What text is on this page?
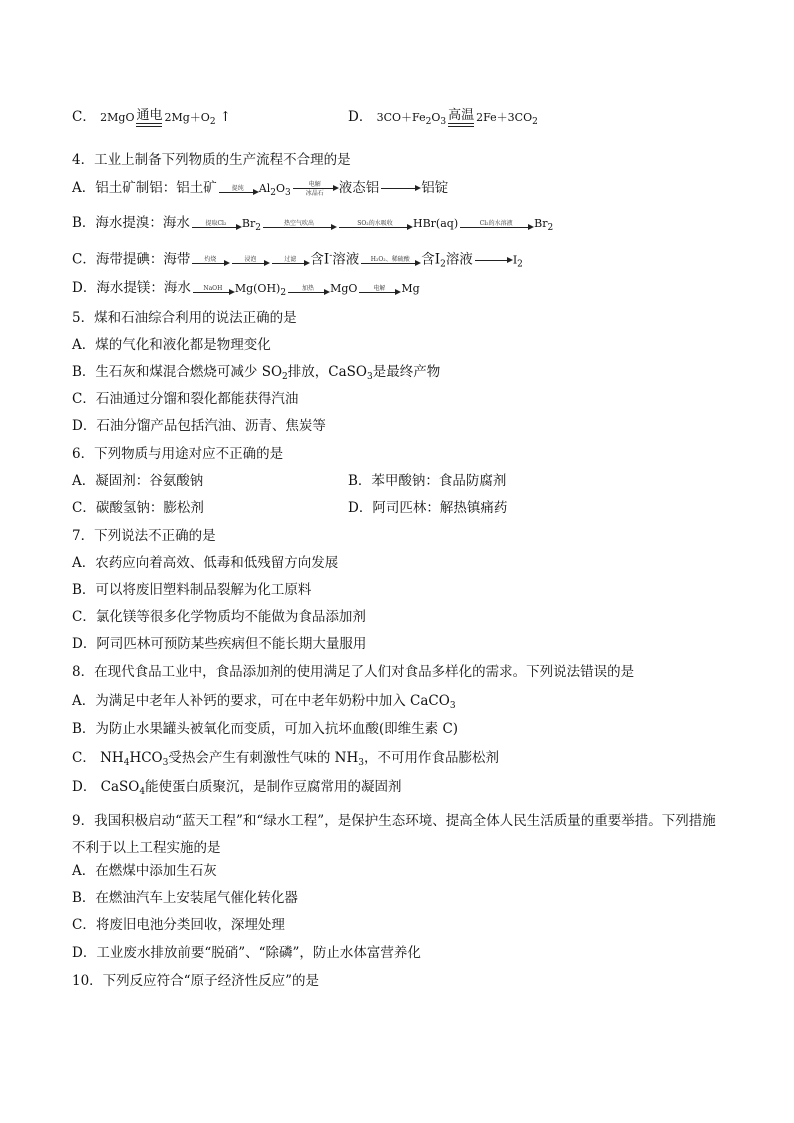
C． 2MgO 通电 $2Mg+O_2$ ↑	D． $3CO+Fe_2O_3$ 高温 $2Fe+3CO_2$
4．工业上制备下列物质的生产流程不合理的是
A．铝土矿制铝：铝土矿	提纯	$Al_2O_3$
电解
冰晶石	液态铝	铝锭
B．海水提溴：海水	提取Cl₂	$Br_2$	热空气吹出	SO₂的水吸收	HBr(aq)	Cl₂的水溶液	$Br_2$
C．海带提碘：海带	灼烧	浸泡	过滤	含I-溶液	H₂O₂、稀硫酸 含$I_2$溶液	$I_2$
D．海水提镁：海水	NaOH	$Mg(OH)_2$	加热	MgO	电解	Mg
5．煤和石油综合利用的说法正确的是
A．煤的气化和液化都是物理变化
B．生石灰和煤混合燃烧可减少 $SO_2$排放，CaSO$_3$是最终产物
C．石油通过分馏和裂化都能获得汽油
D．石油分馏产品包括汽油、沥青、焦炭等
6．下列物质与用途对应不正确的是
A．凝固剂：谷氨酸钠	B．苯甲酸钠：食品防腐剂
C．碳酸氢钠：膨松剂	D．阿司匹林：解热镇痛药
7．下列说法不正确的是
A．农药应向着高效、低毒和低残留方向发展
B．可以将废旧塑料制品裂解为化工原料
C．氯化镁等很多化学物质均不能做为食品添加剂
D．阿司匹林可预防某些疾病但不能长期大量服用
8．在现代食品工业中，食品添加剂的使用满足了人们对食品多样化的需求。下列说法错误的是
A．为满足中老年人补钙的要求，可在中老年奶粉中加入 CaCO$_3$
B．为防止水果罐头被氧化而变质，可加入抗坏血酸(即维生素 C)
C． $NH_4HCO_3$受热会产生有刺激性气味的 $NH_3$，不可用作食品膨松剂
D． CaSO$_4$能使蛋白质聚沉，是制作豆腐常用的凝固剂
9．我国积极启动“蓝天工程”和“绿水工程”，是保护生态环境、提高全体人民生活质量的重要举措。下列措施不利于以上工程实施的是
A．在燃煤中添加生石灰
B．在燃油汽车上安装尾气催化转化器
C．将废旧电池分类回收，深埋处理
D．工业废水排放前要“脱硝”、“除磷”，防止水体富营养化
10．下列反应符合“原子经济性反应”的是
